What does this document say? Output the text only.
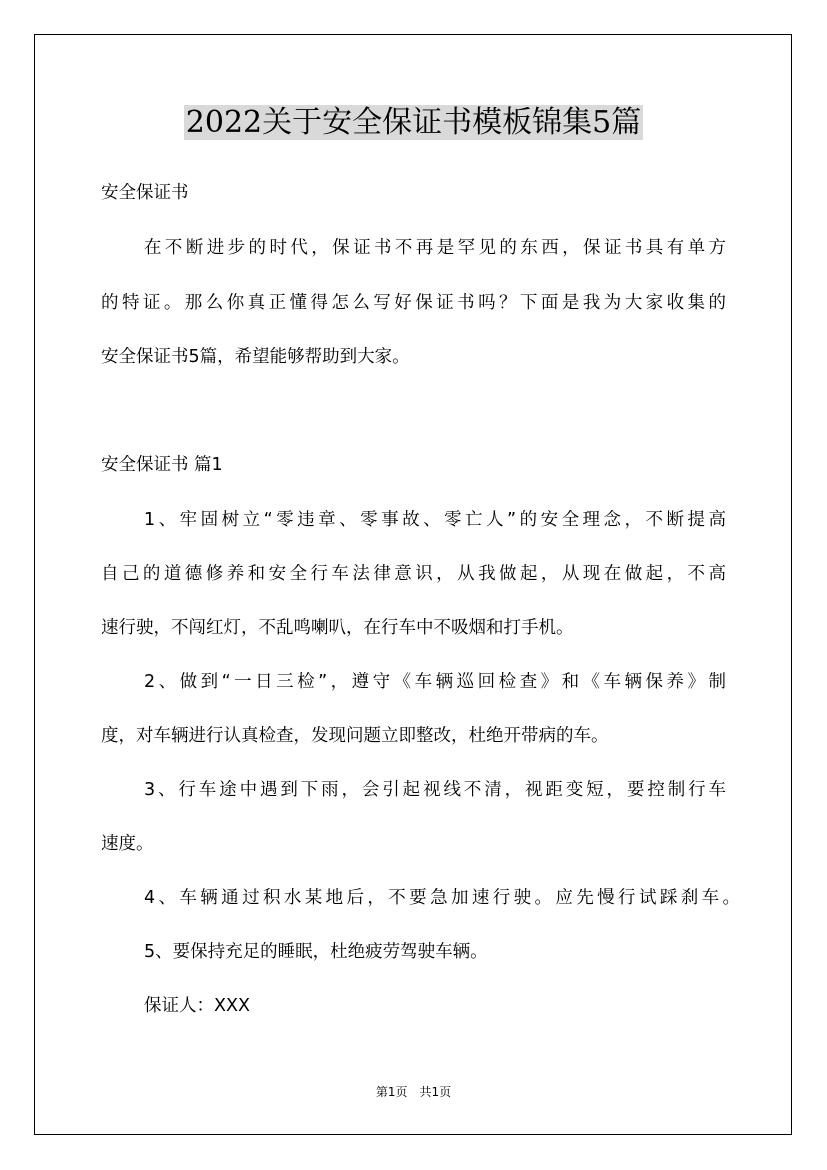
2022关于安全保证书模板锦集5篇
安全保证书
在不断进步的时代，保证书不再是罕见的东西，保证书具有单方
的特证。那么你真正懂得怎么写好保证书吗？下面是我为大家收集的
安全保证书5篇，希望能够帮助到大家。
安全保证书 篇1
1、牢固树立“零违章、零事故、零亡人”的安全理念，不断提高
自己的道德修养和安全行车法律意识，从我做起，从现在做起，不高
速行驶，不闯红灯，不乱鸣喇叭，在行车中不吸烟和打手机。
2、做到“一日三检”，遵守《车辆巡回检查》和《车辆保养》制
度，对车辆进行认真检查，发现问题立即整改，杜绝开带病的车。
3、行车途中遇到下雨，会引起视线不清，视距变短，要控制行车
速度。
4、车辆通过积水某地后，不要急加速行驶。应先慢行试踩刹车。
5、要保持充足的睡眠，杜绝疲劳驾驶车辆。
保证人：XXX
第1页　共1页
